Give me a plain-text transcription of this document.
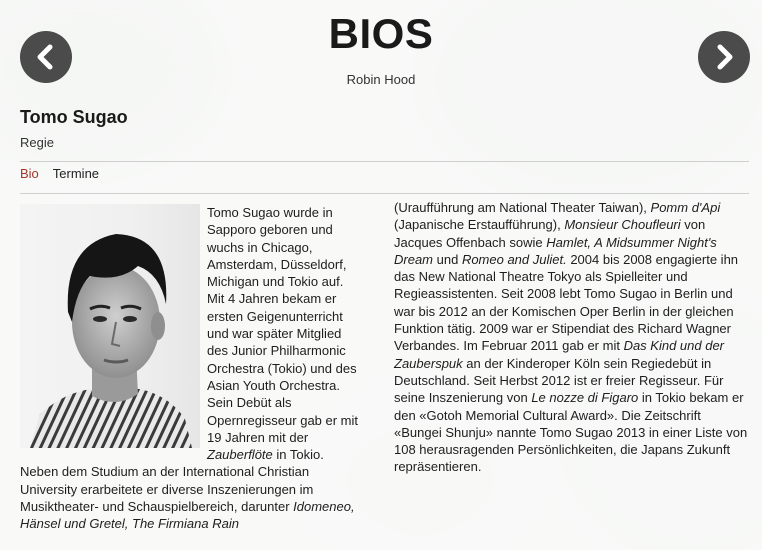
BIOS
Robin Hood
Tomo Sugao
Regie
Bio Termine

Tomo Sugao wurde in Sapporo geboren und wuchs in Chicago, Amsterdam, Düsseldorf, Michigan und Tokio auf. Mit 4 Jahren bekam er ersten Geigenunterricht und war später Mitglied des Junior Philharmonic Orchestra (Tokio) und des Asian Youth Orchestra. Sein Debüt als Opernregisseur gab er mit 19 Jahren mit der Zauberflöte in Tokio. Neben dem Studium an der International Christian University erarbeitete er diverse Inszenierungen im Musiktheater- und Schauspielbereich, darunter Idomeneo, Hänsel und Gretel, The Firmiana Rain

(Uraufführung am National Theater Taiwan), Pomm d'Api (Japanische Erstaufführung), Monsieur Choufleuri von Jacques Offenbach sowie Hamlet, A Midsummer Night's Dream und Romeo and Juliet. 2004 bis 2008 engagierte ihn das New National Theatre Tokyo als Spielleiter und Regieassistenten. Seit 2008 lebt Tomo Sugao in Berlin und war bis 2012 an der Komischen Oper Berlin in der gleichen Funktion tätig. 2009 war er Stipendiat des Richard Wagner Verbandes. Im Februar 2011 gab er mit Das Kind und der Zauberspuk an der Kinderoper Köln sein Regiedebüt in Deutschland. Seit Herbst 2012 ist er freier Regisseur. Für seine Inszenierung von Le nozze di Figaro in Tokio bekam er den «Gotoh Memorial Cultural Award». Die Zeitschrift «Bungei Shunju» nannte Tomo Sugao 2013 in einer Liste von 108 herausragenden Persönlichkeiten, die Japans Zukunft repräsentieren.
